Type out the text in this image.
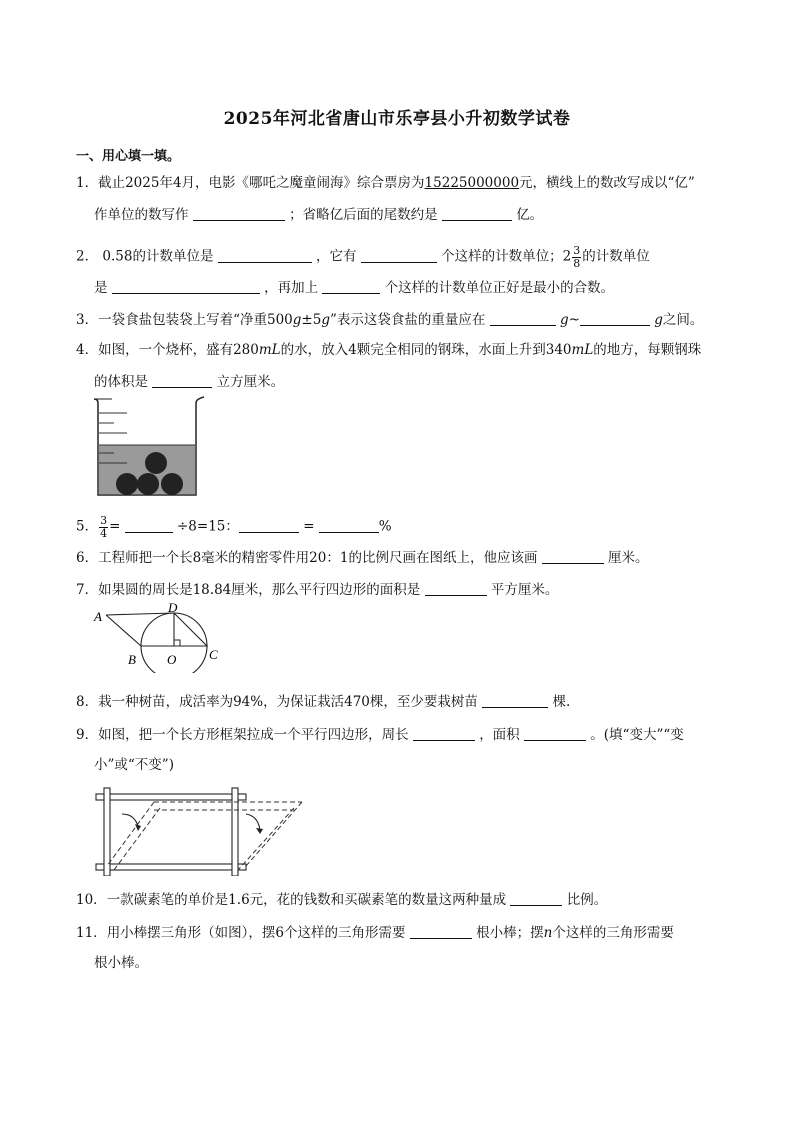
2025年河北省唐山市乐亭县小升初数学试卷
一、用心填一填。
1．截止2025年4月，电影《哪吒之魔童闹海》综合票房为15225000000元，横线上的数改写成以“亿”
作单位的数写作	；省略亿后面的尾数约是	亿。
2． 0.58的计数单位是	，它有	个这样的计数单位；$2 \frac{3}{8}$ 的计数单位
是	，再加上	个这样的计数单位正好是最小的合数。
3．一袋食盐包装袋上写着“净重500g±5g”表示这袋食盐的重量应在	g~	g之间。
4．如图，一个烧杯，盛有280mL的水，放入4颗完全相同的钢珠，水面上升到340mL的地方，每颗钢珠
的体积是	立方厘米。
5． $\frac{3}{4}$ =	÷8=15：	=	%
6．工程师把一个长8毫米的精密零件用20：1的比例尺画在图纸上，他应该画	厘米。
7．如果圆的周长是18.84厘米，那么平行四边形的面积是	平方厘米。
A
B
D
O	C
8．栽一种树苗，成活率为94%，为保证栽活470棵，至少要栽树苗	棵.
9．如图，把一个长方形框架拉成一个平行四边形，周长	，面积	。(填“变大”“变
小”或“不变”)
10．一款碳素笔的单价是1.6元，花的钱数和买碳素笔的数量这两种量成	比例。
11．用小棒摆三角形（如图），摆6个这样的三角形需要	根小棒；摆n个这样的三角形需要
根小棒。
